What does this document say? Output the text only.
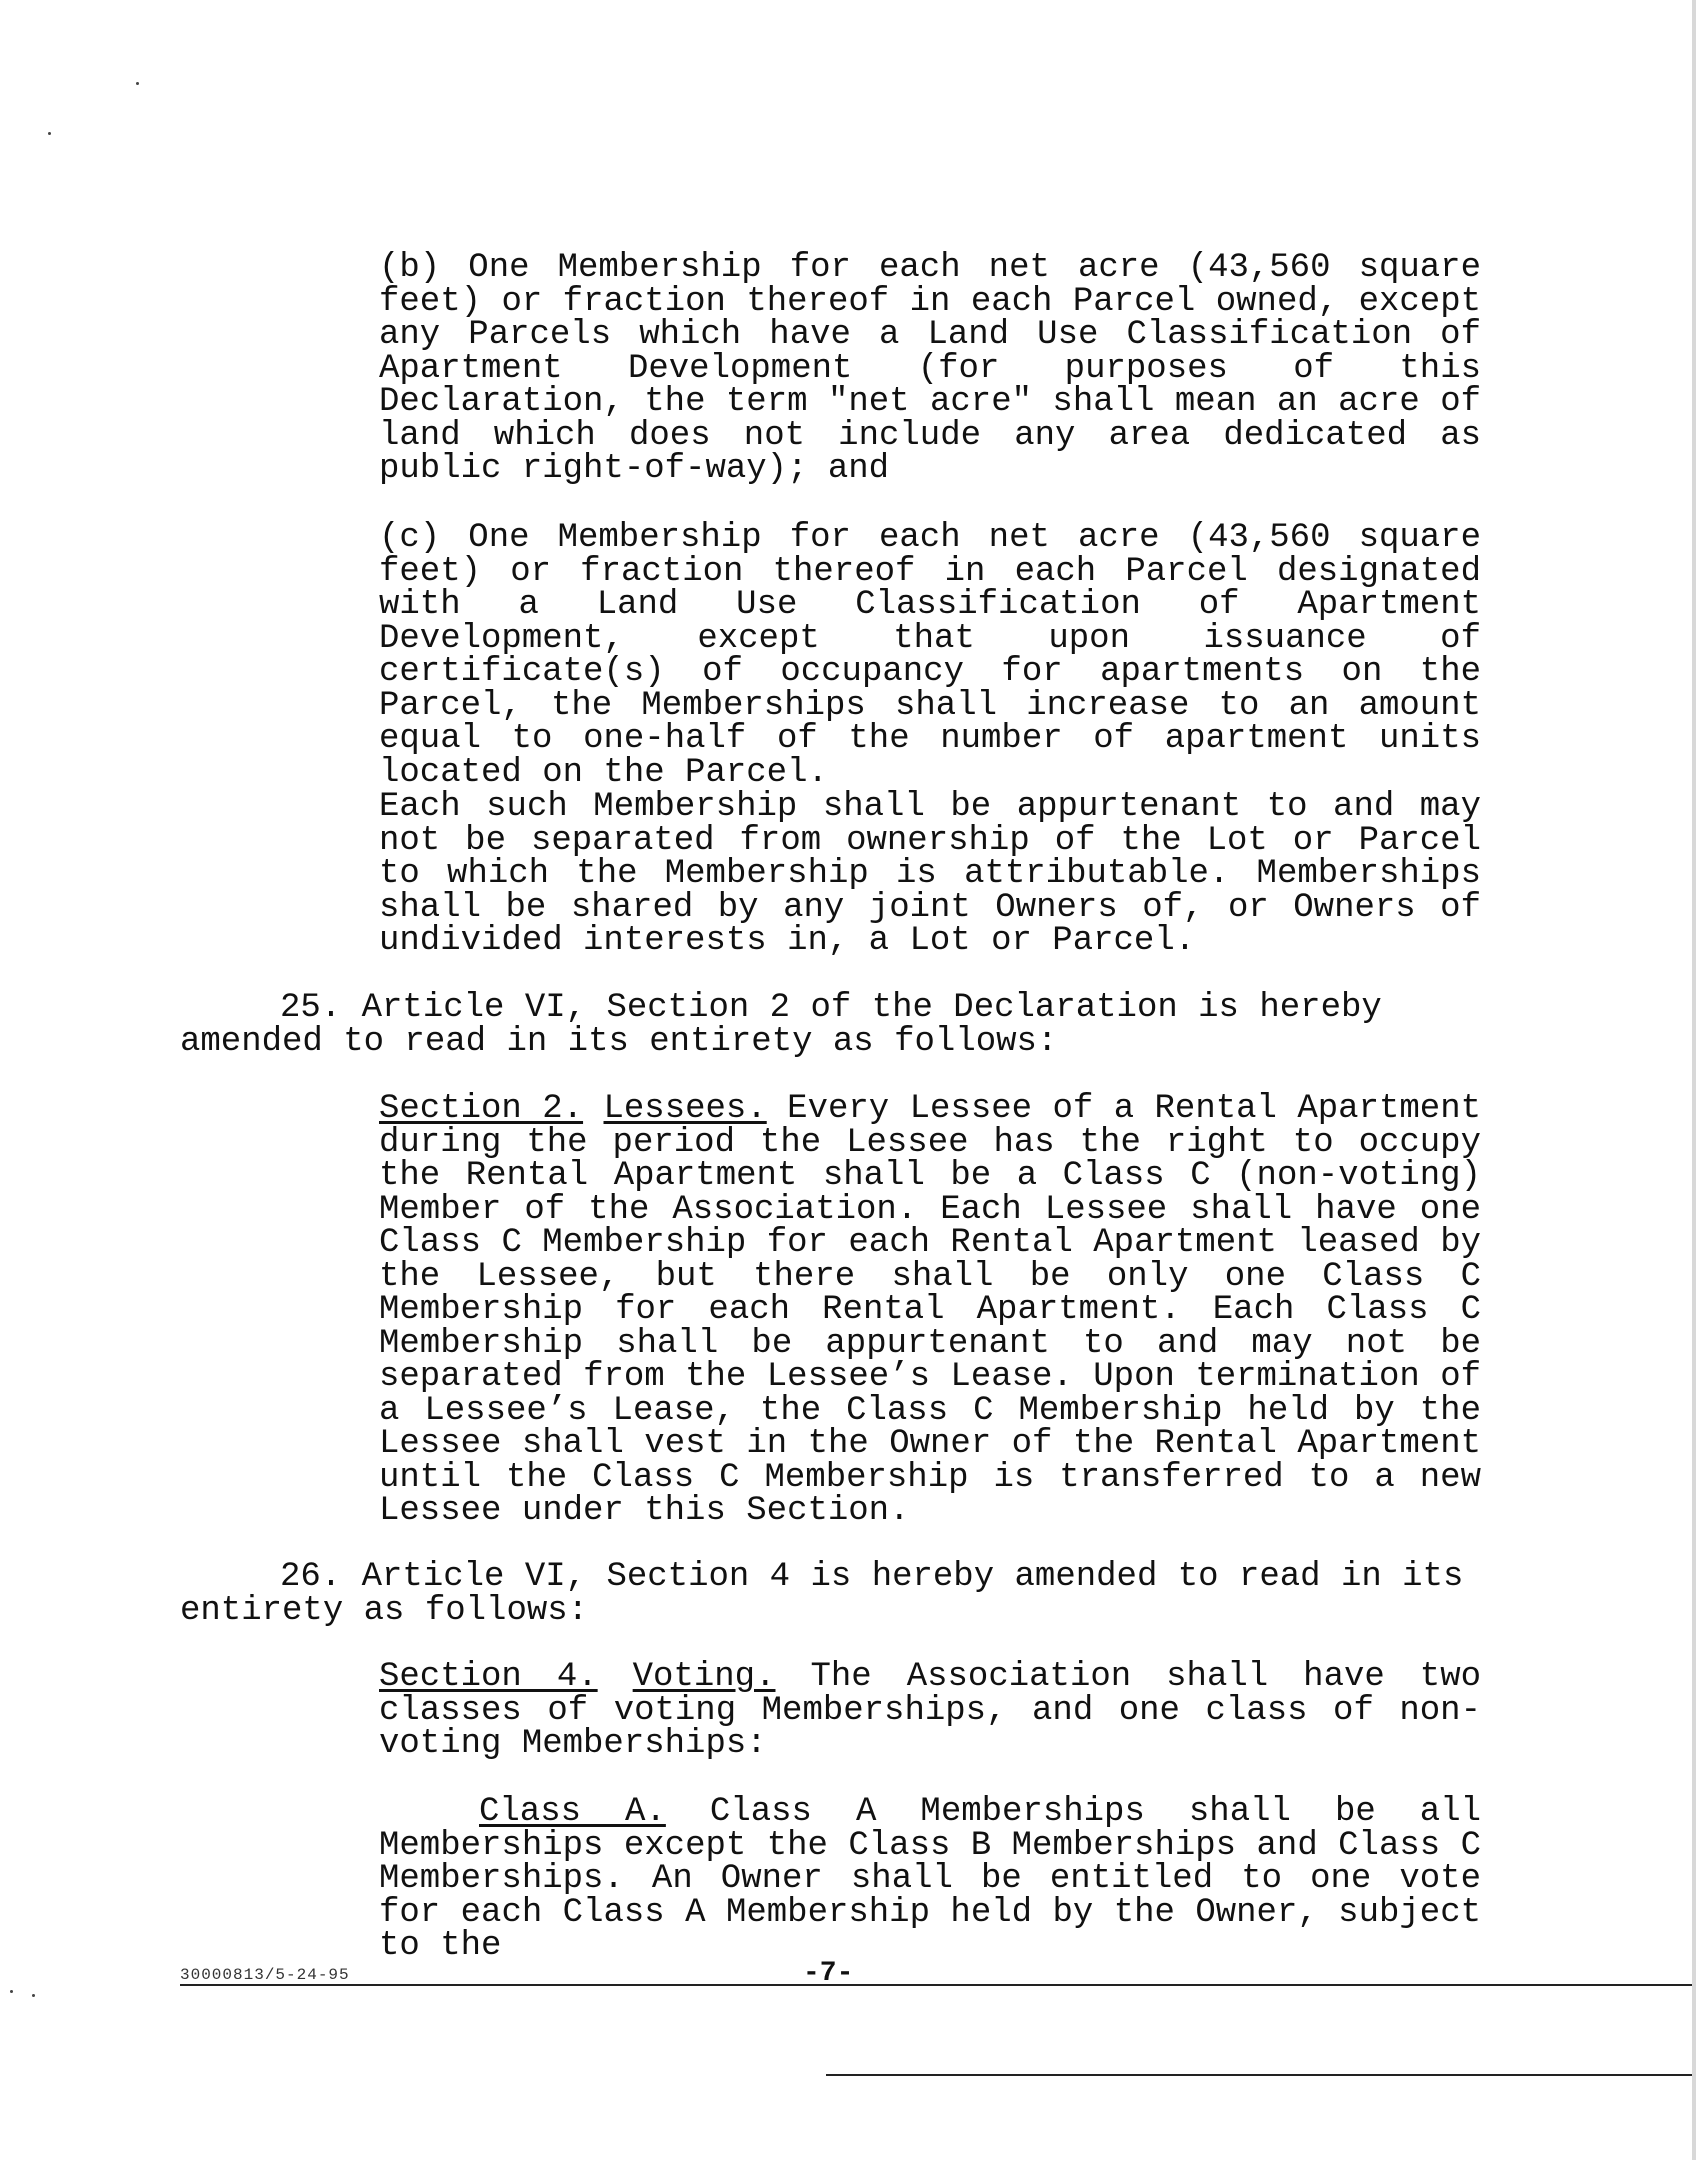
(b) One Membership for each net acre (43,560 square feet) or fraction thereof in each Parcel owned, except any Parcels which have a Land Use Classification of Apartment Development (for purposes of this Declaration, the term "net acre" shall mean an acre of land which does not include any area dedicated as public right-of-way); and

(c) One Membership for each net acre (43,560 square feet) or fraction thereof in each Parcel designated with a Land Use Classification of Apartment Development, except that upon issuance of certificate(s) of occupancy for apartments on the Parcel, the Memberships shall increase to an amount equal to one-half of the number of apartment units located on the Parcel.

Each such Membership shall be appurtenant to and may not be separated from ownership of the Lot or Parcel to which the Membership is attributable. Memberships shall be shared by any joint Owners of, or Owners of undivided interests in, a Lot or Parcel.

25. Article VI, Section 2 of the Declaration is hereby
amended to read in its entirety as follows:

Section 2. Lessees. Every Lessee of a Rental Apartment during the period the Lessee has the right to occupy the Rental Apartment shall be a Class C (non-voting) Member of the Association. Each Lessee shall have one Class C Membership for each Rental Apartment leased by the Lessee, but there shall be only one Class C Membership for each Rental Apartment. Each Class C Membership shall be appurtenant to and may not be separated from the Lessee’s Lease. Upon termination of a Lessee’s Lease, the Class C Membership held by the Lessee shall vest in the Owner of the Rental Apartment until the Class C Membership is transferred to a new Lessee under this Section.

26. Article VI, Section 4 is hereby amended to read in its
entirety as follows:

Section 4. Voting. The Association shall have two classes of voting Memberships, and one class of non-voting Memberships:

Class A. Class A Memberships shall be all Memberships except the Class B Memberships and Class C Memberships. An Owner shall be entitled to one vote for each Class A Membership held by the Owner, subject to the

30000813/5-24-95	-7-
